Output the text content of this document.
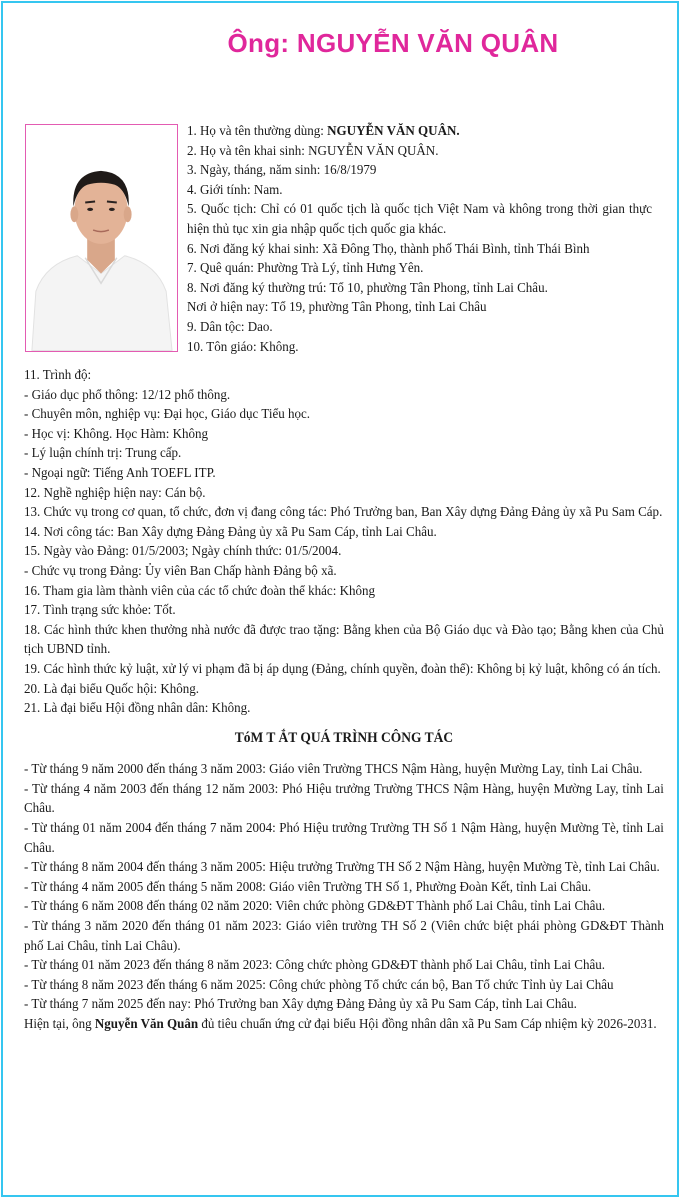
Ông: NGUYỄN VĂN QUÂN
1. Họ và tên thường dùng: NGUYỄN VĂN QUÂN.
2. Họ và tên khai sinh: NGUYỄN VĂN QUÂN.
3. Ngày, tháng, năm sinh: 16/8/1979
4. Giới tính: Nam.
5. Quốc tịch: Chỉ có 01 quốc tịch là quốc tịch Việt Nam và không trong thời gian thực hiện thủ tục xin gia nhập quốc tịch quốc gia khác.
6. Nơi đăng ký khai sinh: Xã Đông Thọ, thành phố Thái Bình, tỉnh Thái Bình
7. Quê quán: Phường Trà Lý, tỉnh Hưng Yên.
8. Nơi đăng ký thường trú: Tổ 10, phường Tân Phong, tỉnh Lai Châu.
Nơi ở hiện nay: Tổ 19, phường Tân Phong, tỉnh Lai Châu
9. Dân tộc: Dao.
10. Tôn giáo: Không.
11. Trình độ:
- Giáo dục phổ thông: 12/12 phổ thông.
- Chuyên môn, nghiệp vụ: Đại học, Giáo dục Tiểu học.
- Học vị: Không. Học Hàm: Không
- Lý luận chính trị: Trung cấp.
- Ngoại ngữ: Tiếng Anh TOEFL ITP.
12. Nghề nghiệp hiện nay: Cán bộ.
13. Chức vụ trong cơ quan, tổ chức, đơn vị đang công tác: Phó Trưởng ban, Ban Xây dựng Đảng Đảng ủy xã Pu Sam Cáp.
14. Nơi công tác: Ban Xây dựng Đảng Đảng ủy xã Pu Sam Cáp, tỉnh Lai Châu.
15. Ngày vào Đảng: 01/5/2003; Ngày chính thức: 01/5/2004.
- Chức vụ trong Đảng: Ủy viên Ban Chấp hành Đảng bộ xã.
16. Tham gia làm thành viên của các tổ chức đoàn thể khác: Không
17. Tình trạng sức khỏe: Tốt.
18. Các hình thức khen thưởng nhà nước đã được trao tặng: Bằng khen của Bộ Giáo dục và Đào tạo; Bằng khen của Chủ tịch UBND tỉnh.
19. Các hình thức kỷ luật, xử lý vi phạm đã bị áp dụng (Đảng, chính quyền, đoàn thể): Không bị kỷ luật, không có án tích.
20. Là đại biểu Quốc hội: Không.
21. Là đại biểu Hội đồng nhân dân: Không.
TóM T ẮT QUÁ TRÌNH CÔNG TÁC
- Từ tháng 9 năm 2000 đến tháng 3 năm 2003: Giáo viên Trường THCS Nậm Hàng, huyện Mường Lay, tỉnh Lai Châu.
- Từ tháng 4 năm 2003 đến tháng 12 năm 2003: Phó Hiệu trưởng Trường THCS Nậm Hàng, huyện Mường Lay, tỉnh Lai Châu.
- Từ tháng 01 năm 2004 đến tháng 7 năm 2004: Phó Hiệu trưởng Trường TH Số 1 Nậm Hàng, huyện Mường Tè, tỉnh Lai Châu.
- Từ tháng 8 năm 2004 đến tháng 3 năm 2005: Hiệu trưởng Trường TH Số 2 Nậm Hàng, huyện Mường Tè, tỉnh Lai Châu.
- Từ tháng 4 năm 2005 đến tháng 5 năm 2008: Giáo viên Trường TH Số 1, Phường Đoàn Kết, tỉnh Lai Châu.
- Từ tháng 6 năm 2008 đến tháng 02 năm 2020: Viên chức phòng GD&ĐT Thành phố Lai Châu, tỉnh Lai Châu.
- Từ tháng 3 năm 2020 đến tháng 01 năm 2023: Giáo viên trường TH Số 2 (Viên chức biệt phái phòng GD&ĐT Thành phố Lai Châu, tỉnh Lai Châu).
- Từ tháng 01 năm 2023 đến tháng 8 năm 2023: Công chức phòng GD&ĐT thành phố Lai Châu, tỉnh Lai Châu.
- Từ tháng 8 năm 2023 đến tháng 6 năm 2025: Công chức phòng Tổ chức cán bộ, Ban Tổ chức Tỉnh ủy Lai Châu
- Từ tháng 7 năm 2025 đến nay: Phó Trưởng ban Xây dựng Đảng Đảng ủy xã Pu Sam Cáp, tỉnh Lai Châu.
Hiện tại, ông Nguyễn Văn Quân đủ tiêu chuẩn ứng cử đại biểu Hội đồng nhân dân xã Pu Sam Cáp nhiệm kỳ 2026-2031.
